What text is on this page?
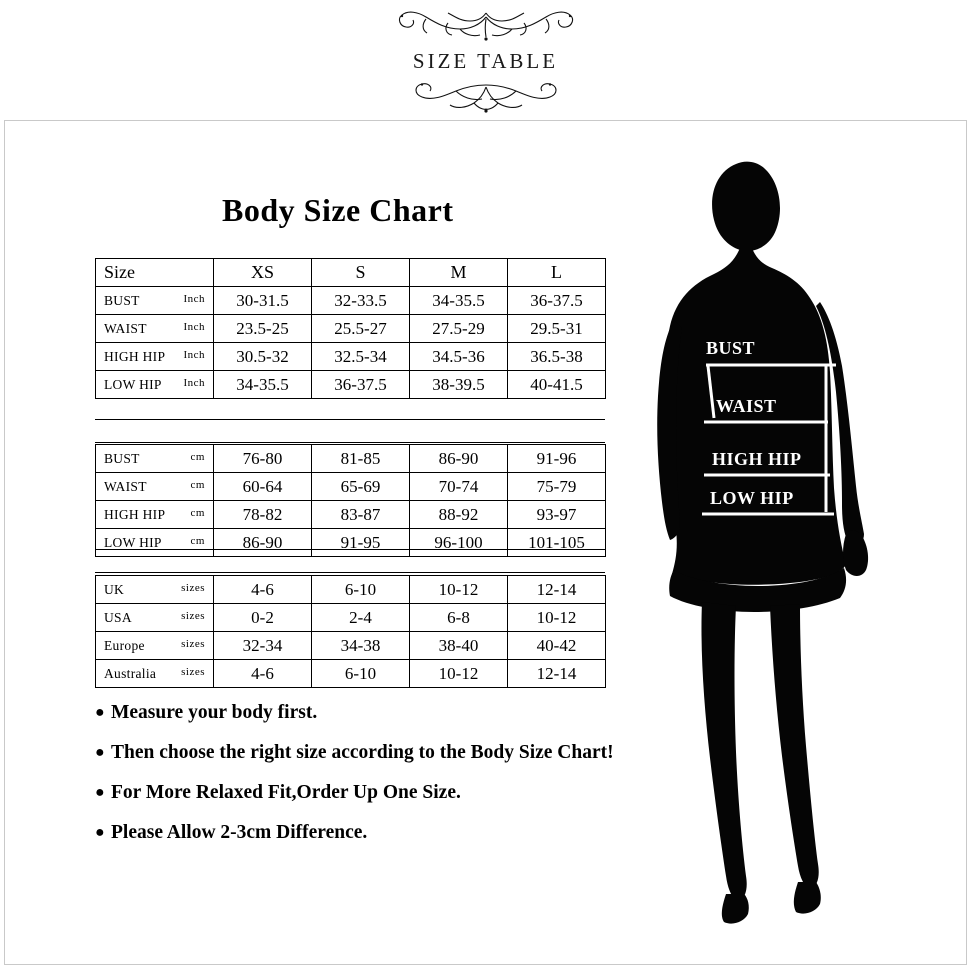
SIZE TABLE
Body Size Chart
Size	XS	S	M	L
BUST Inch	30-31.5	32-33.5	34-35.5	36-37.5
WAIST Inch	23.5-25	25.5-27	27.5-29	29.5-31
HIGH HIP Inch	30.5-32	32.5-34	34.5-36	36.5-38
LOW HIP Inch	34-35.5	36-37.5	38-39.5	40-41.5
BUST cm	76-80	81-85	86-90	91-96
WAIST cm	60-64	65-69	70-74	75-79
HIGH HIP cm	78-82	83-87	88-92	93-97
LOW HIP cm	86-90	91-95	96-100	101-105
UK sizes	4-6	6-10	10-12	12-14
USA sizes	0-2	2-4	6-8	10-12
Europe sizes	32-34	34-38	38-40	40-42
Australia sizes	4-6	6-10	10-12	12-14
● Measure your body first.
● Then choose the right size according to the Body Size Chart!
● For More Relaxed Fit,Order Up One Size.
● Please Allow 2-3cm Difference.
BUST
WAIST
HIGH HIP
LOW HIP
